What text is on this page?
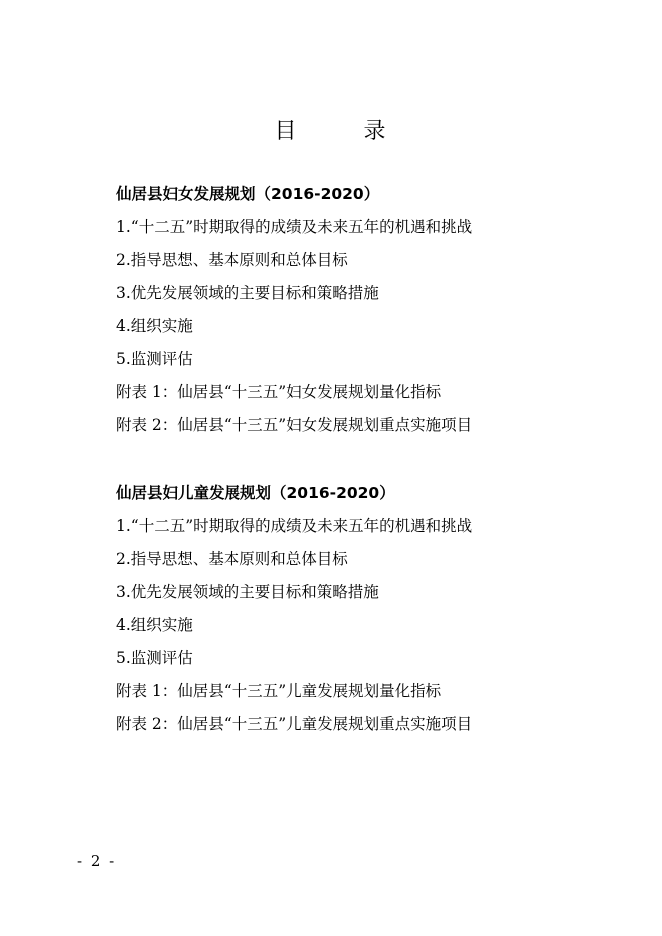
目 录
仙居县妇女发展规划（2016-2020）
1.“十二五”时期取得的成绩及未来五年的机遇和挑战
2.指导思想、基本原则和总体目标
3.优先发展领域的主要目标和策略措施
4.组织实施
5.监测评估
附表 1：仙居县“十三五”妇女发展规划量化指标
附表 2：仙居县“十三五”妇女发展规划重点实施项目
仙居县妇儿童发展规划（2016-2020）
1.“十二五”时期取得的成绩及未来五年的机遇和挑战
2.指导思想、基本原则和总体目标
3.优先发展领域的主要目标和策略措施
4.组织实施
5.监测评估
附表 1：仙居县“十三五”儿童发展规划量化指标
附表 2：仙居县“十三五”儿童发展规划重点实施项目
- 2 -
